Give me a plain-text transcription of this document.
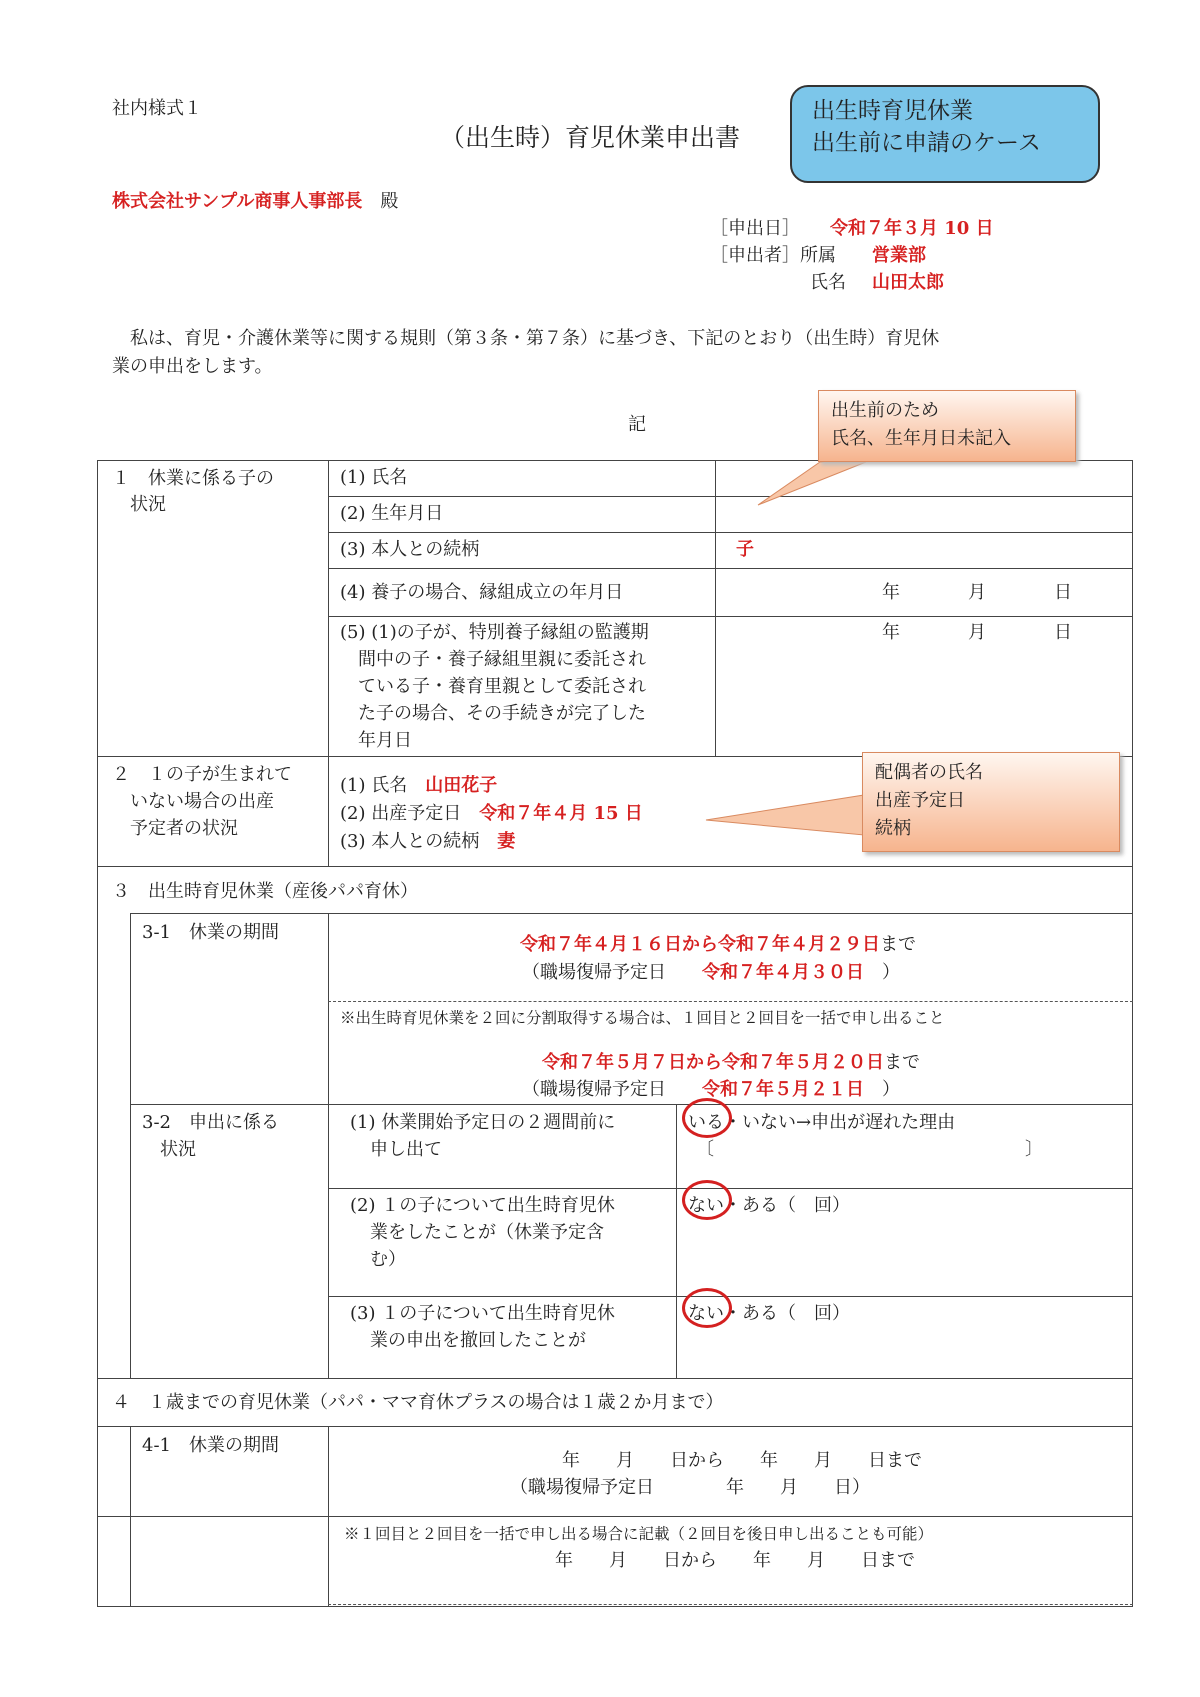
社内様式１
（出生時）育児休業申出書
出生時育児休業
出生前に申請のケース
株式会社サンプル商事人事部長　 殿
［申出日］ 令和７年３月 10 日
［申出者］所属 営業部
氏名 山田太郎
私は、育児・介護休業等に関する規則（第３条・第７条）に基づき、下記のとおり（出生時）育児休
業の申出をします。
記
１　休業に係る子の
状況
(1) 氏名
(2) 生年月日
(3) 本人との続柄	子
(4) 養子の場合、縁組成立の年月日	年	月	日
(5) (1)の子が、特別養子縁組の監護期
間中の子・養子縁組里親に委託され
ている子・養育里親として委託され
た子の場合、その手続きが完了した
年月日
年	月	日
２　１の子が生まれて
いない場合の出産
予定者の状況
(1) 氏名　 山田花子
(2) 出産予定日　 令和７年４月 15 日
(3) 本人との続柄　 妻
３　出生時育児休業（産後パパ育休）
3-1　休業の期間
令和７年４月１６日から令和７年４月２９日まで
（職場復帰予定日　　 令和７年４月３０日　 ）
※出生時育児休業を２回に分割取得する場合は、１回目と２回目を一括で申し出ること
令和７年５月７日から令和７年５月２０日まで
（職場復帰予定日　　 令和７年５月２１日　 ）
3-2　申出に係る
状況
(1) 休業開始予定日の２週間前に
申し出て
いる・いない→申出が遅れた理由
〔	〕
(2) １の子について出生時育児休
業をしたことが（休業予定含
む）
ない・ある（　回）
(3) １の子について出生時育児休
業の申出を撤回したことが
ない・ある（　回）
４　１歳までの育児休業（パパ・ママ育休プラスの場合は１歳２か月まで）
4-1　休業の期間
年　　月　　日から　　年　　月　　日まで
（職場復帰予定日　　　　年　　月　　日）
※１回目と２回目を一括で申し出る場合に記載（２回目を後日申し出ることも可能）
年　　月　　日から　　年　　月　　日まで
出生前のため
氏名、生年月日未記入
配偶者の氏名
出産予定日
続柄
